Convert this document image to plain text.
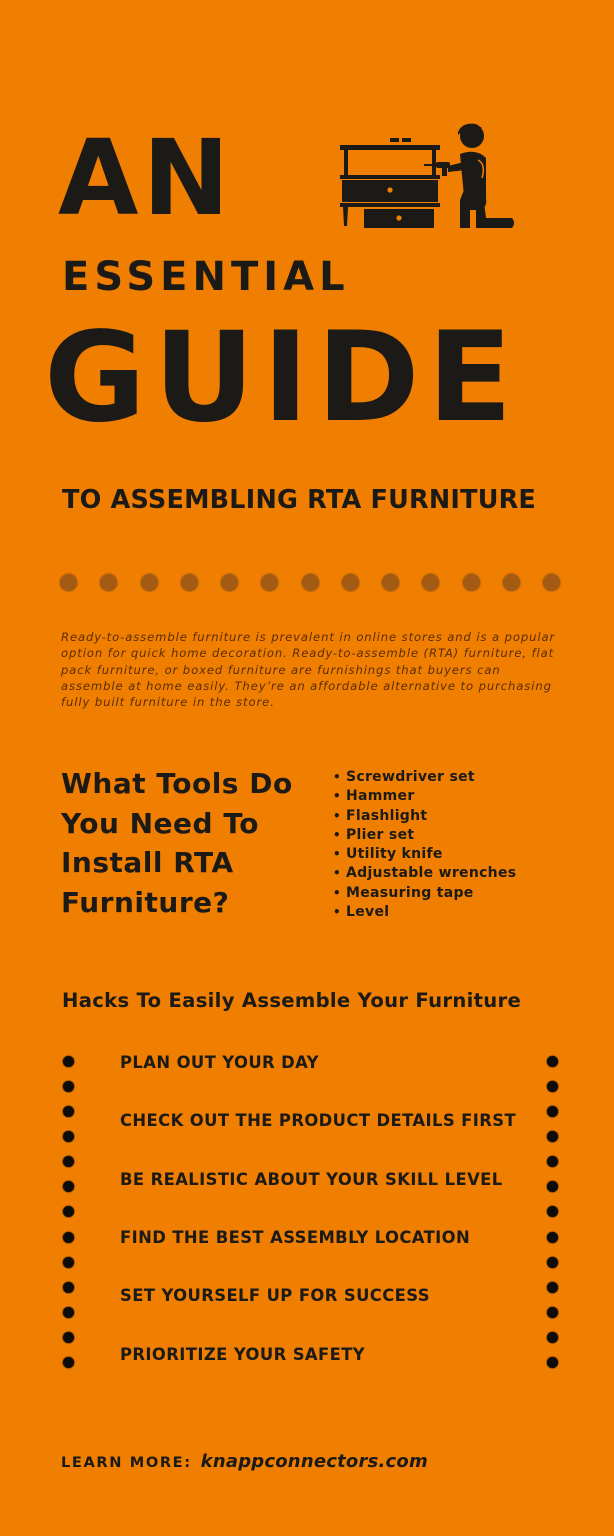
AN
ESSENTIAL
GUIDE
TO ASSEMBLING RTA FURNITURE

Ready-to-assemble furniture is prevalent in online stores and is a popular option for quick home decoration. Ready-to-assemble (RTA) furniture, flat pack furniture, or boxed furniture are furnishings that buyers can assemble at home easily. They’re an affordable alternative to purchasing fully built furniture in the store.

What Tools Do You Need To Install RTA Furniture?
• Screwdriver set
• Hammer
• Flashlight
• Plier set
• Utility knife
• Adjustable wrenches
• Measuring tape
• Level
Hacks To Easily Assemble Your Furniture
PLAN OUT YOUR DAY
CHECK OUT THE PRODUCT DETAILS FIRST
BE REALISTIC ABOUT YOUR SKILL LEVEL
FIND THE BEST ASSEMBLY LOCATION
SET YOURSELF UP FOR SUCCESS
PRIORITIZE YOUR SAFETY
LEARN MORE: knappconnectors.com
